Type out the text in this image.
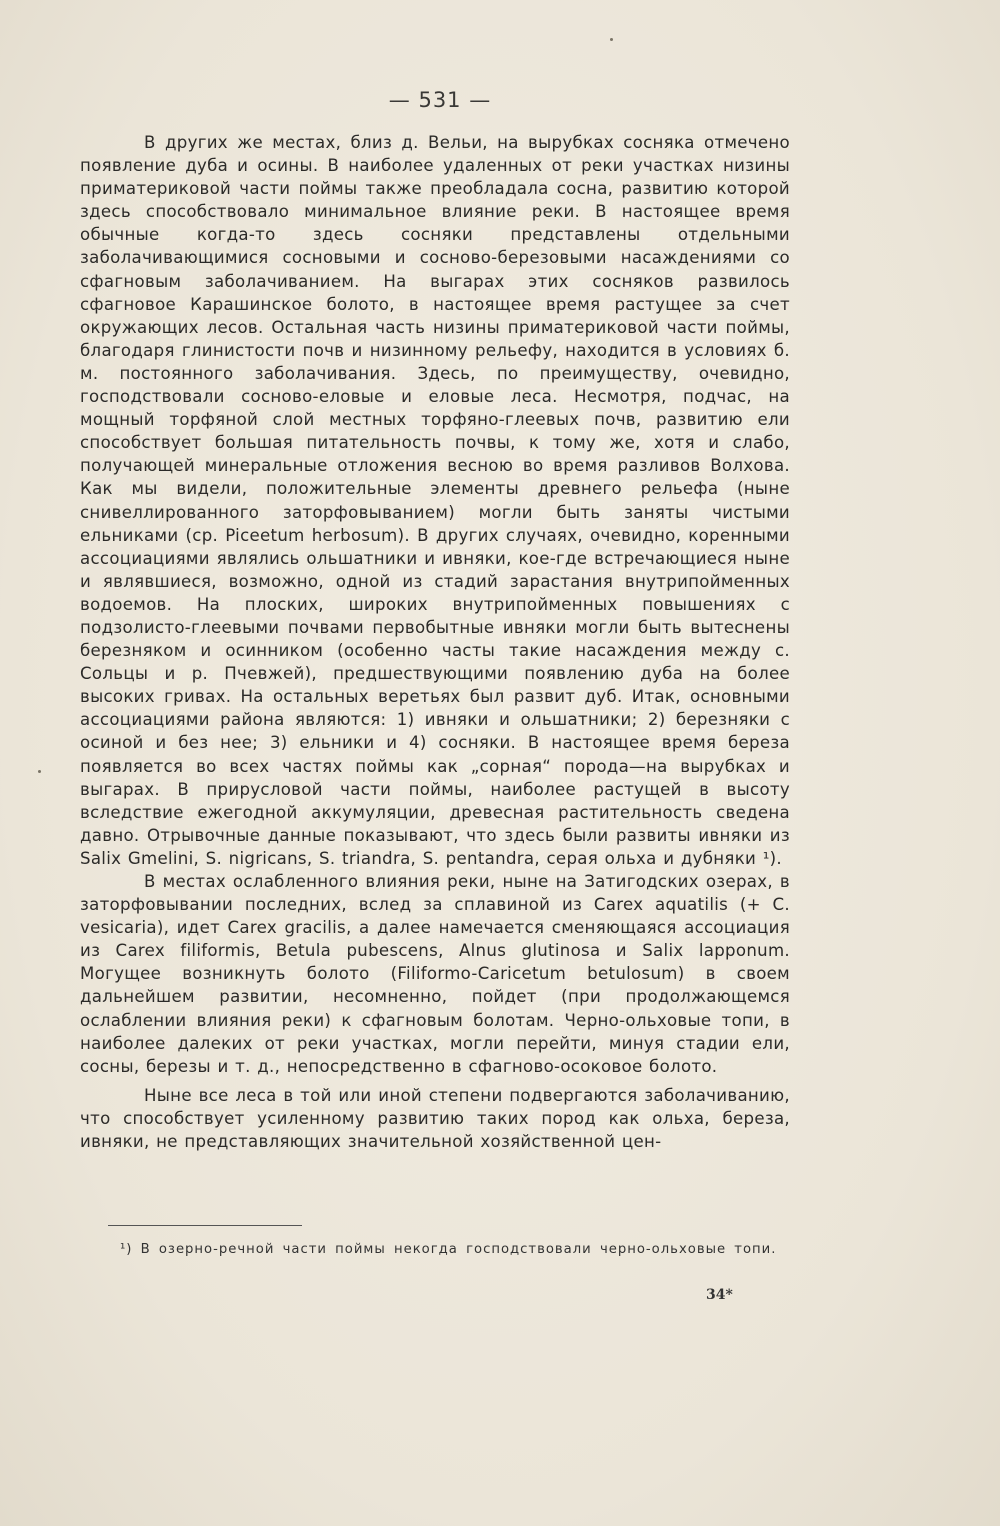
— 531 —

В других же местах, близ д. Вельи, на вырубках сосняка отмечено появление дуба и осины. В наиболее удаленных от реки участках низины приматериковой части поймы также преобладала сосна, развитию которой здесь способствовало минимальное влияние реки. В настоящее время обычные когда-то здесь сосняки представлены отдельными заболачивающимися сосновыми и сосново-березовыми насаждениями со сфагновым заболачиванием. На выгарах этих сосняков развилось сфагновое Карашинское болото, в настоящее время растущее за счет окружающих лесов. Остальная часть низины приматериковой части поймы, благодаря глинистости почв и низинному рельефу, находится в условиях б. м. постоянного заболачивания. Здесь, по преимуществу, очевидно, господствовали сосново-еловые и еловые леса. Несмотря, подчас, на мощный торфяной слой местных торфяно-глеевых почв, развитию ели способствует большая питательность почвы, к тому же, хотя и слабо, получающей минеральные отложения весною во время разливов Волхова. Как мы видели, положительные элементы древнего рельефа (ныне снивеллированного заторфовыванием) могли быть заняты чистыми ельниками (ср. Piceetum herbosum). В других случаях, очевидно, коренными ассоциациями являлись ольшатники и ивняки, кое-где встречающиеся ныне и являвшиеся, возможно, одной из стадий зарастания внутрипойменных водоемов. На плоских, широких внутрипойменных повышениях с подзолисто-глеевыми почвами первобытные ивняки могли быть вытеснены березняком и осинником (особенно часты такие насаждения между с. Сольцы и р. Пчевжей), предшествующими появлению дуба на более высоких гривах. На остальных веретьях был развит дуб. Итак, основными ассоциациями района являются: 1) ивняки и ольшатники; 2) березняки с осиной и без нее; 3) ельники и 4) сосняки. В настоящее время береза появляется во всех частях поймы как „сорная“ порода—на вырубках и выгарах. В прирусловой части поймы, наиболее растущей в высоту вследствие ежегодной аккумуляции, древесная растительность сведена давно. Отрывочные данные показывают, что здесь были развиты ивняки из Salix Gmelini, S. nigricans, S. triandra, S. pentandra, серая ольха и дубняки ¹).

В местах ослабленного влияния реки, ныне на Затигодских озерах, в заторфовывании последних, вслед за сплавиной из Carex aquatilis (+ C. vesicaria), идет Carex gracilis, а далее намечается сменяющаяся ассоциация из Carex filiformis, Betula pubescens, Alnus glutinosa и Salix lapponum. Могущее возникнуть болото (Filiformo-Caricetum betulosum) в своем дальнейшем развитии, несомненно, пойдет (при продолжающемся ослаблении влияния реки) к сфагновым болотам. Черно-ольховые топи, в наиболее далеких от реки участках, могли перейти, минуя стадии ели, сосны, березы и т. д., непосредственно в сфагново-осоковое болото.

Ныне все леса в той или иной степени подвергаются заболачиванию, что способствует усиленному развитию таких пород как ольха, береза, ивняки, не представляющих значительной хозяйственной цен-

¹) В озерно-речной части поймы некогда господствовали черно-ольховые топи.

34*
